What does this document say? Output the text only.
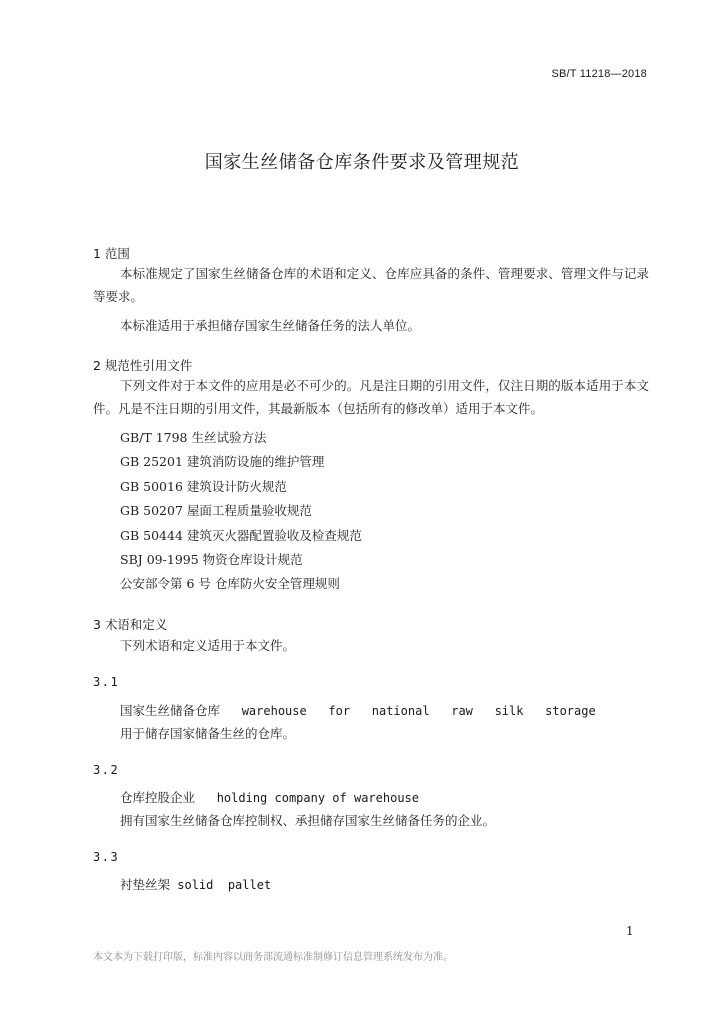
SB/T 11218—2018
国家生丝储备仓库条件要求及管理规范
1 范围
本标准规定了国家生丝储备仓库的术语和定义、仓库应具备的条件、管理要求、管理文件与记录等要求。
本标准适用于承担储存国家生丝储备任务的法人单位。
2 规范性引用文件
下列文件对于本文件的应用是必不可少的。凡是注日期的引用文件，仅注日期的版本适用于本文件。凡是不注日期的引用文件，其最新版本（包括所有的修改单）适用于本文件。
GB/T 1798 生丝试验方法
GB 25201 建筑消防设施的维护管理
GB 50016 建筑设计防火规范
GB 50207 屋面工程质量验收规范
GB 50444 建筑灭火器配置验收及检查规范
SBJ 09-1995 物资仓库设计规范
公安部令第 6 号 仓库防火安全管理规则
3 术语和定义
下列术语和定义适用于本文件。
3.1
国家生丝储备仓库 warehouse   for   national   raw   silk   storage
用于储存国家储备生丝的仓库。
3.2
仓库控股企业 holding company of warehouse
拥有国家生丝储备仓库控制权、承担储存国家生丝储备任务的企业。
3.3
衬垫丝架 solid  pallet
1
本文本为下载打印版，标准内容以商务部流通标准制修订信息管理系统发布为准。
